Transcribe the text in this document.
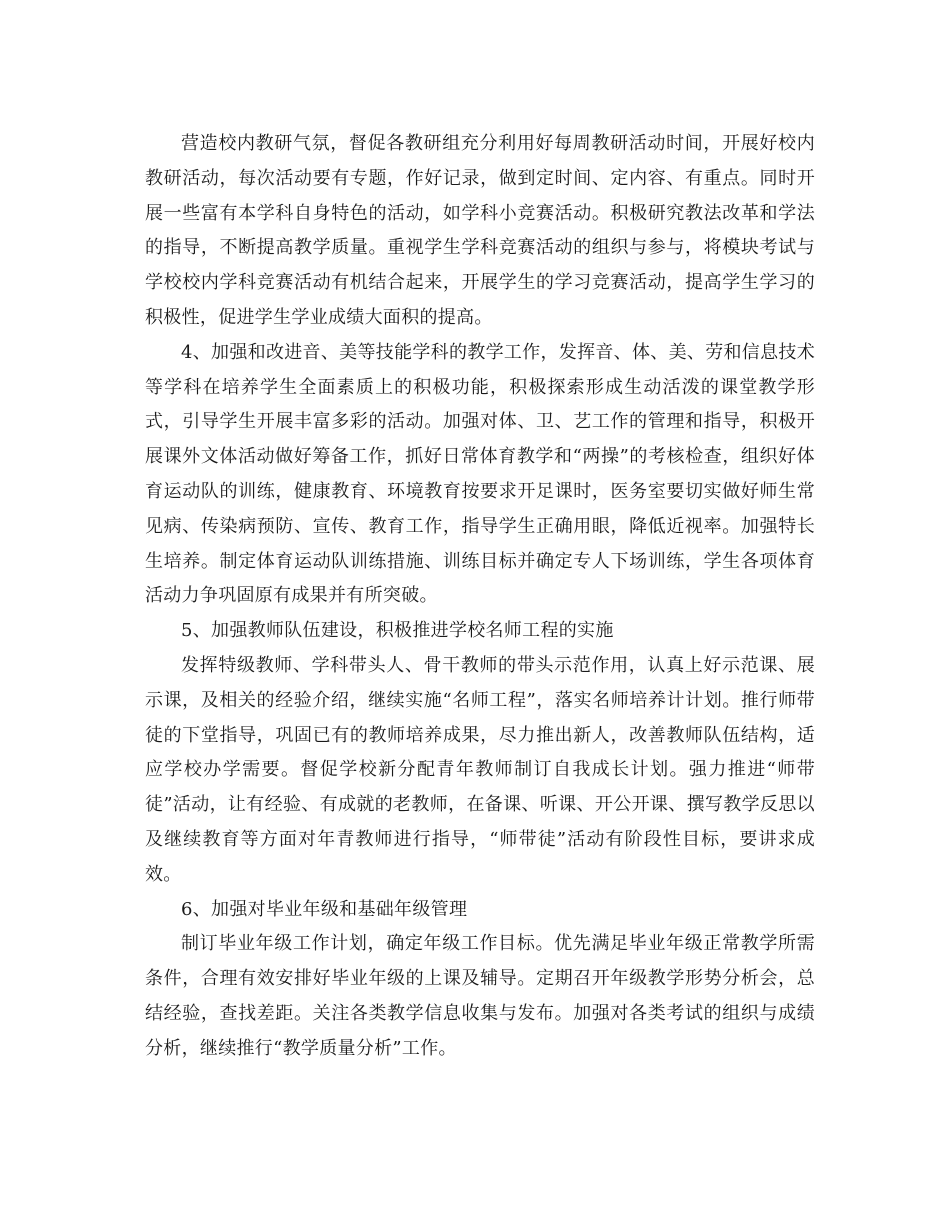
营造校内教研气氛，督促各教研组充分利用好每周教研活动时间，开展好校内教研活动，每次活动要有专题，作好记录，做到定时间、定内容、有重点。同时开展一些富有本学科自身特色的活动，如学科小竞赛活动。积极研究教法改革和学法的指导，不断提高教学质量。重视学生学科竞赛活动的组织与参与，将模块考试与学校校内学科竞赛活动有机结合起来，开展学生的学习竞赛活动，提高学生学习的积极性，促进学生学业成绩大面积的提高。

4、加强和改进音、美等技能学科的教学工作，发挥音、体、美、劳和信息技术等学科在培养学生全面素质上的积极功能，积极探索形成生动活泼的课堂教学形式，引导学生开展丰富多彩的活动。加强对体、卫、艺工作的管理和指导，积极开展课外文体活动做好筹备工作，抓好日常体育教学和“两操”的考核检查，组织好体育运动队的训练，健康教育、环境教育按要求开足课时，医务室要切实做好师生常见病、传染病预防、宣传、教育工作，指导学生正确用眼，降低近视率。加强特长生培养。制定体育运动队训练措施、训练目标并确定专人下场训练，学生各项体育活动力争巩固原有成果并有所突破。

5、加强教师队伍建设，积极推进学校名师工程的实施

发挥特级教师、学科带头人、骨干教师的带头示范作用，认真上好示范课、展示课，及相关的经验介绍，继续实施“名师工程”，落实名师培养计计划。推行师带徒的下堂指导，巩固已有的教师培养成果，尽力推出新人，改善教师队伍结构，适应学校办学需要。督促学校新分配青年教师制订自我成长计划。强力推进“师带徒”活动，让有经验、有成就的老教师，在备课、听课、开公开课、撰写教学反思以及继续教育等方面对年青教师进行指导，“师带徒”活动有阶段性目标，要讲求成效。

6、加强对毕业年级和基础年级管理

制订毕业年级工作计划，确定年级工作目标。优先满足毕业年级正常教学所需条件，合理有效安排好毕业年级的上课及辅导。定期召开年级教学形势分析会，总结经验，查找差距。关注各类教学信息收集与发布。加强对各类考试的组织与成绩分析，继续推行“教学质量分析”工作。
